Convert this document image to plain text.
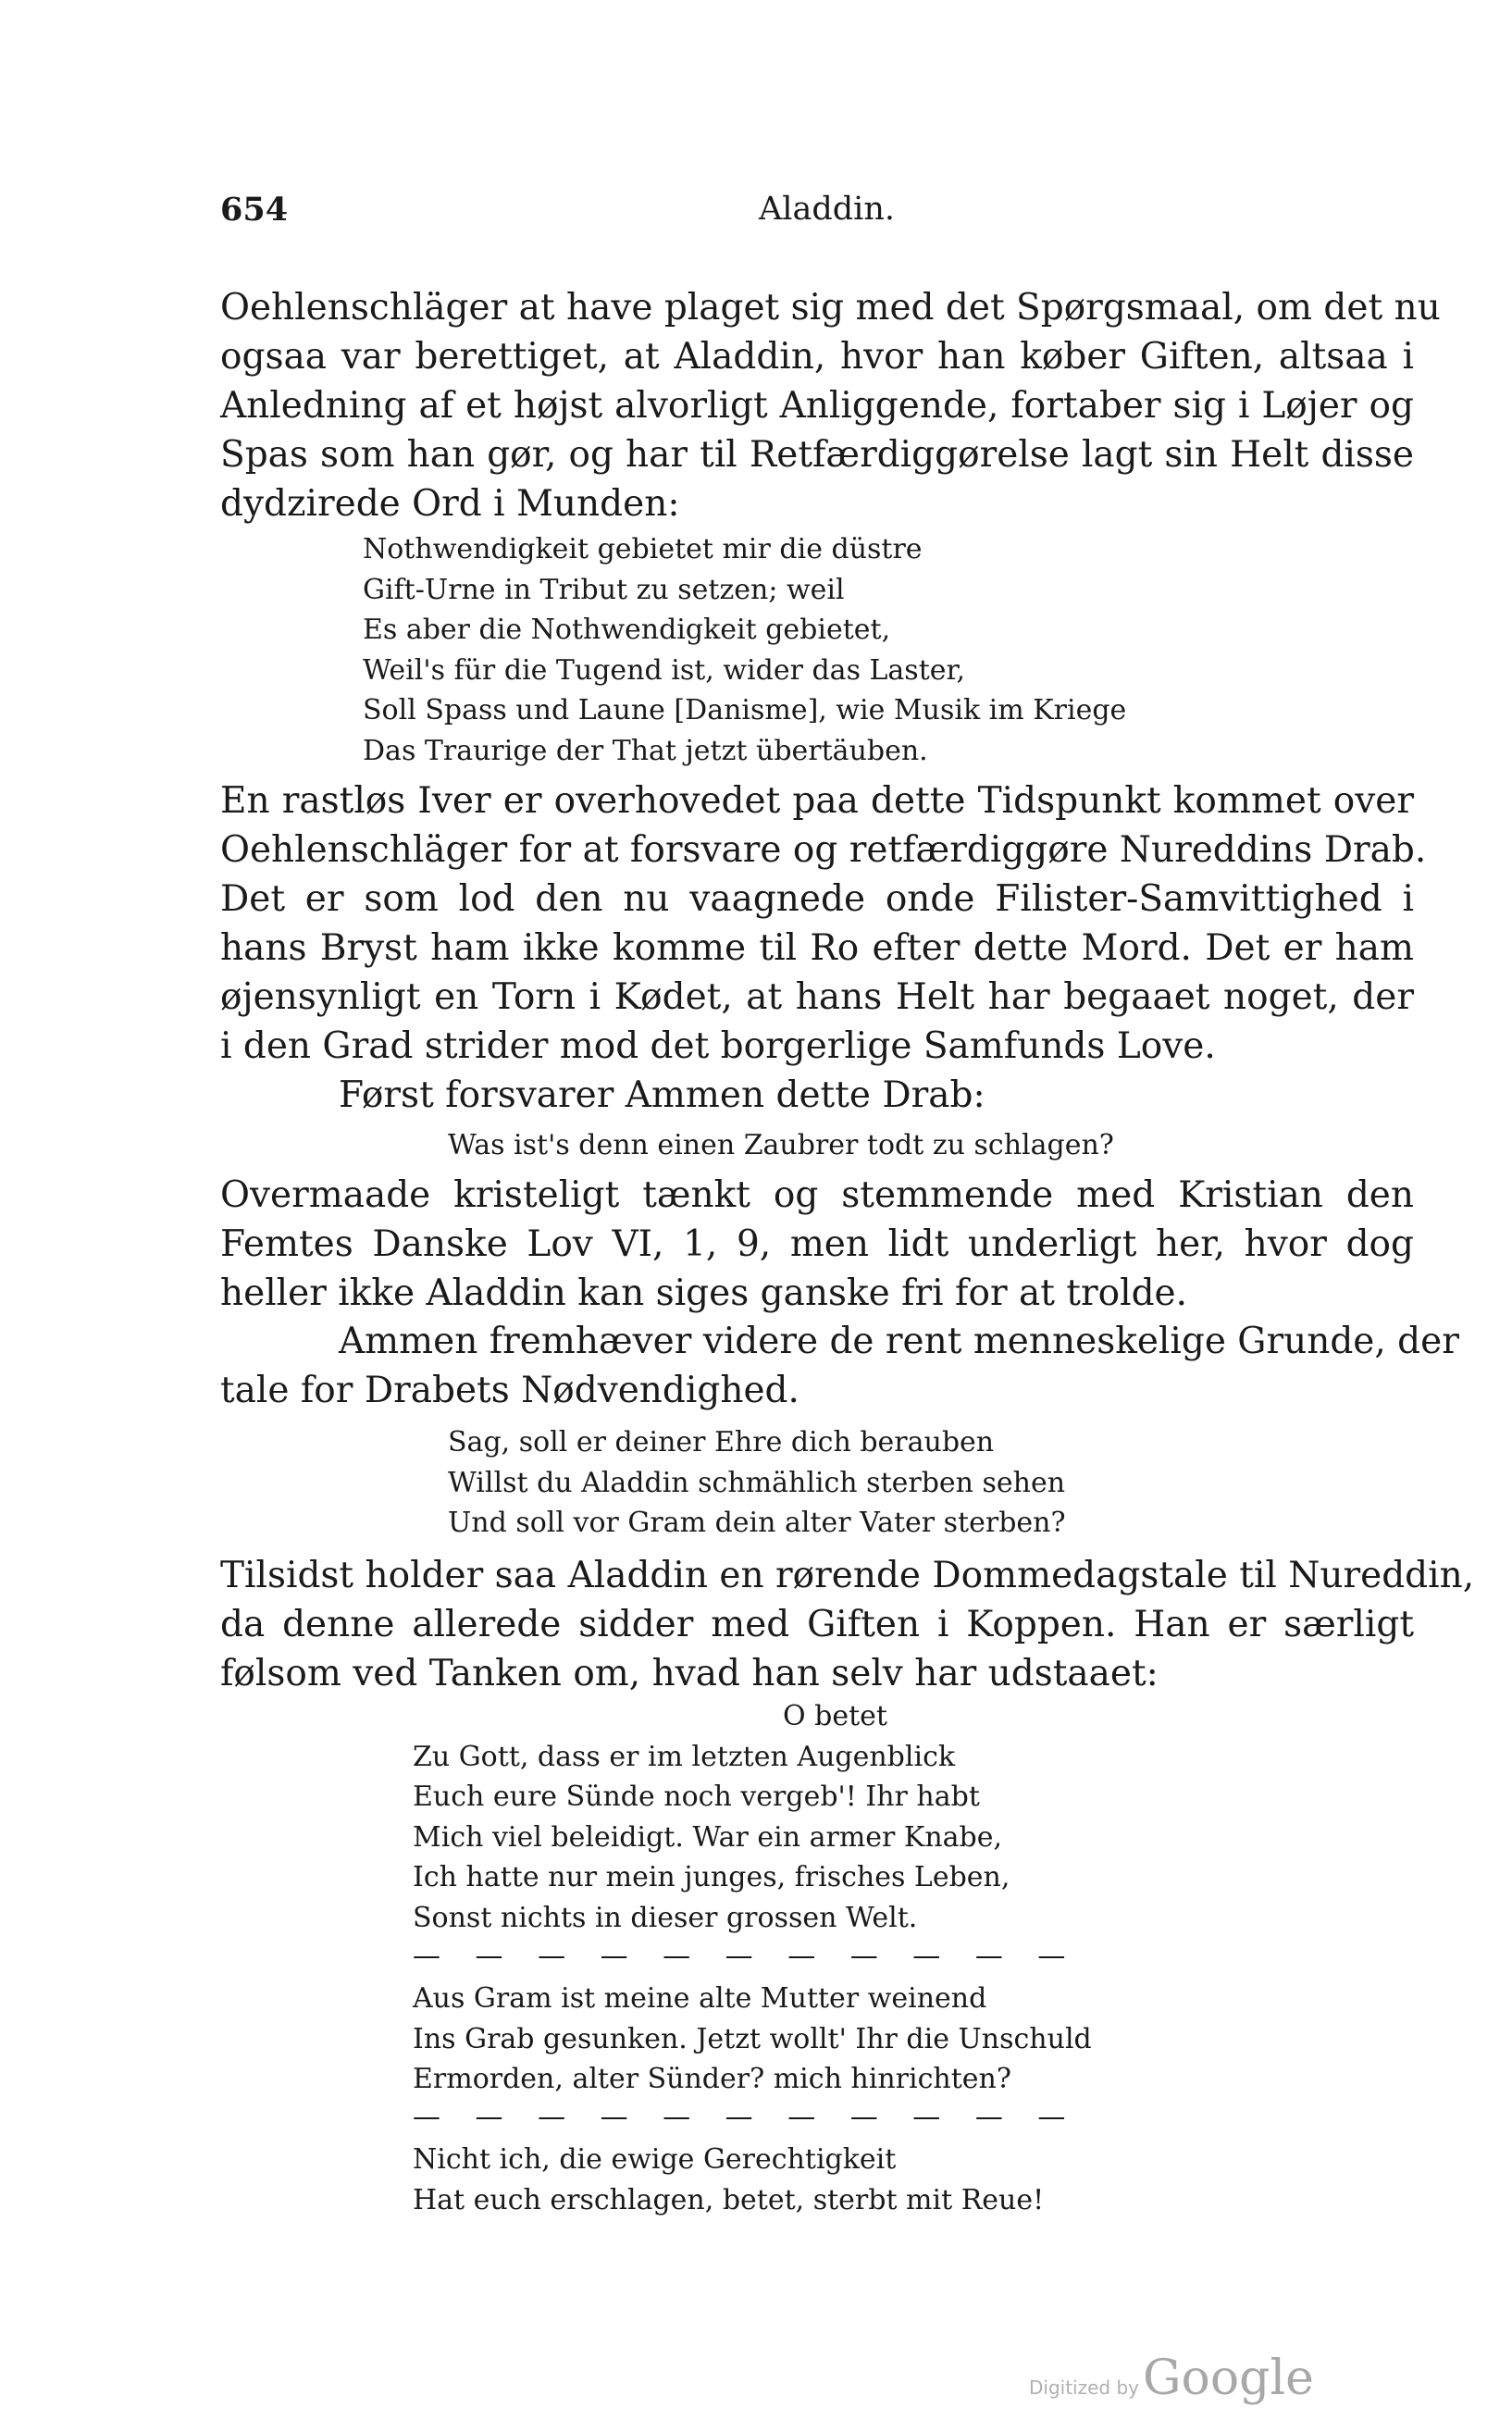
654	Aladdin.
Oehlenschläger at have plaget sig med det Spørgsmaal, om det nu
ogsaa var berettiget, at Aladdin, hvor han køber Giften, altsaa i
Anledning af et højst alvorligt Anliggende, fortaber sig i Løjer og
Spas som han gør, og har til Retfærdiggørelse lagt sin Helt disse
dydzirede Ord i Munden:
Nothwendigkeit gebietet mir die düstre
Gift-Urne in Tribut zu setzen; weil
Es aber die Nothwendigkeit gebietet,
Weil's für die Tugend ist, wider das Laster,
Soll Spass und Laune [Danisme], wie Musik im Kriege
Das Traurige der That jetzt übertäuben.
En rastløs Iver er overhovedet paa dette Tidspunkt kommet over
Oehlenschläger for at forsvare og retfærdiggøre Nureddins Drab.
Det er som lod den nu vaagnede onde Filister-Samvittighed i
hans Bryst ham ikke komme til Ro efter dette Mord. Det er ham
øjensynligt en Torn i Kødet, at hans Helt har begaaet noget, der
i den Grad strider mod det borgerlige Samfunds Love.
Først forsvarer Ammen dette Drab:
Was ist's denn einen Zaubrer todt zu schlagen?
Overmaade kristeligt tænkt og stemmende med Kristian den
Femtes Danske Lov VI, 1, 9, men lidt underligt her, hvor dog
heller ikke Aladdin kan siges ganske fri for at trolde.
Ammen fremhæver videre de rent menneskelige Grunde, der
tale for Drabets Nødvendighed.
Sag, soll er deiner Ehre dich berauben
Willst du Aladdin schmählich sterben sehen
Und soll vor Gram dein alter Vater sterben?
Tilsidst holder saa Aladdin en rørende Dommedagstale til Nureddin,
da denne allerede sidder med Giften i Koppen. Han er særligt
følsom ved Tanken om, hvad han selv har udstaaet:
O betet
Zu Gott, dass er im letzten Augenblick
Euch eure Sünde noch vergeb'! Ihr habt
Mich viel beleidigt. War ein armer Knabe,
Ich hatte nur mein junges, frisches Leben,
Sonst nichts in dieser grossen Welt.
— — — — — — — — — — —
Aus Gram ist meine alte Mutter weinend
Ins Grab gesunken. Jetzt wollt' Ihr die Unschuld
Ermorden, alter Sünder? mich hinrichten?
— — — — — — — — — — —
Nicht ich, die ewige Gerechtigkeit
Hat euch erschlagen, betet, sterbt mit Reue!
Digitized byGoogle
